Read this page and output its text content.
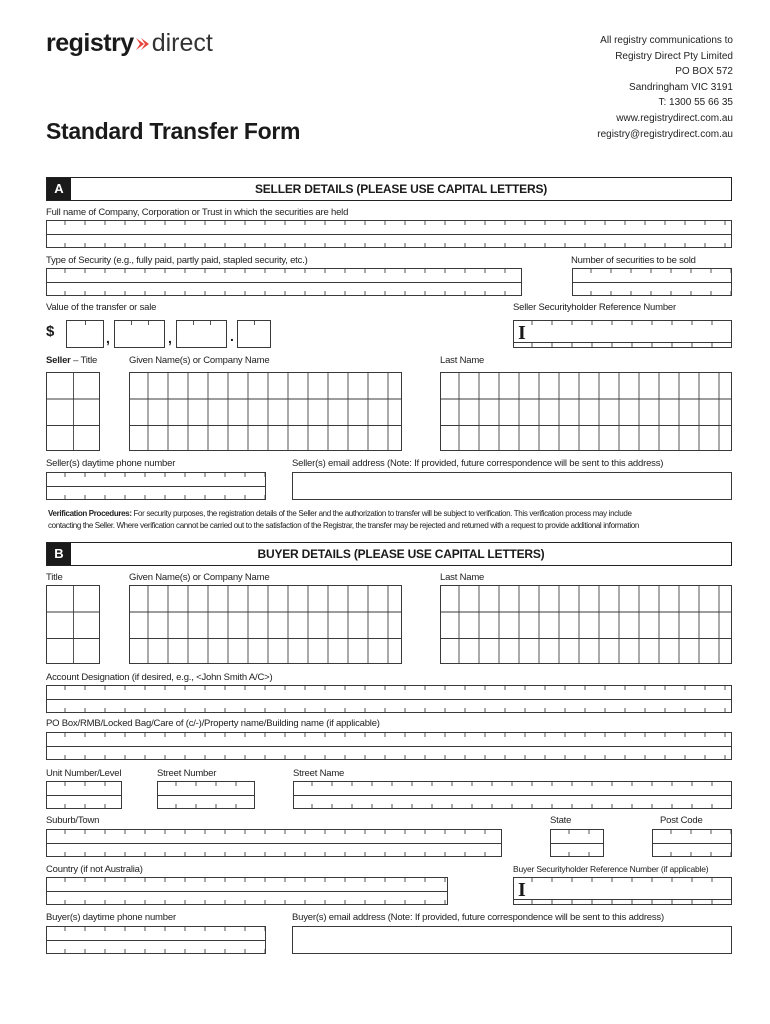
registry direct
Standard Transfer Form
All registry communications to
Registry Direct Pty Limited
PO BOX 572
Sandringham VIC 3191
T: 1300 55 66 35
www.registrydirect.com.au
registry@registrydirect.com.au
A	SELLER DETAILS (PLEASE USE CAPITAL LETTERS)
Full name of Company, Corporation or Trust in which the securities are held
Type of Security (e.g., fully paid, partly paid, stapled security, etc.)	Number of securities to be sold
Value of the transfer or sale	Seller Securityholder Reference Number
$	,	,	.	I
Seller – Title	Given Name(s) or Company Name	Last Name
Seller(s) daytime phone number	Seller(s) email address (Note: If provided, future correspondence will be sent to this address)
Verification Procedures: For security purposes, the registration details of the Seller and the authorization to transfer will be subject to verification. This verification process may include
contacting the Seller. Where verification cannot be carried out to the satisfaction of the Registrar, the transfer may be rejected and returned with a request to provide additional information
B	BUYER DETAILS (PLEASE USE CAPITAL LETTERS)
Title	Given Name(s) or Company Name	Last Name
Account Designation (if desired, e.g., <John Smith A/C>)
PO Box/RMB/Locked Bag/Care of (c/-)/Property name/Building name (if applicable)
Unit Number/Level	Street Number	Street Name
Suburb/Town	State	Post Code
Country (if not Australia)	Buyer Securityholder Reference Number (if applicable)
I
Buyer(s) daytime phone number	Buyer(s) email address (Note: If provided, future correspondence will be sent to this address)
